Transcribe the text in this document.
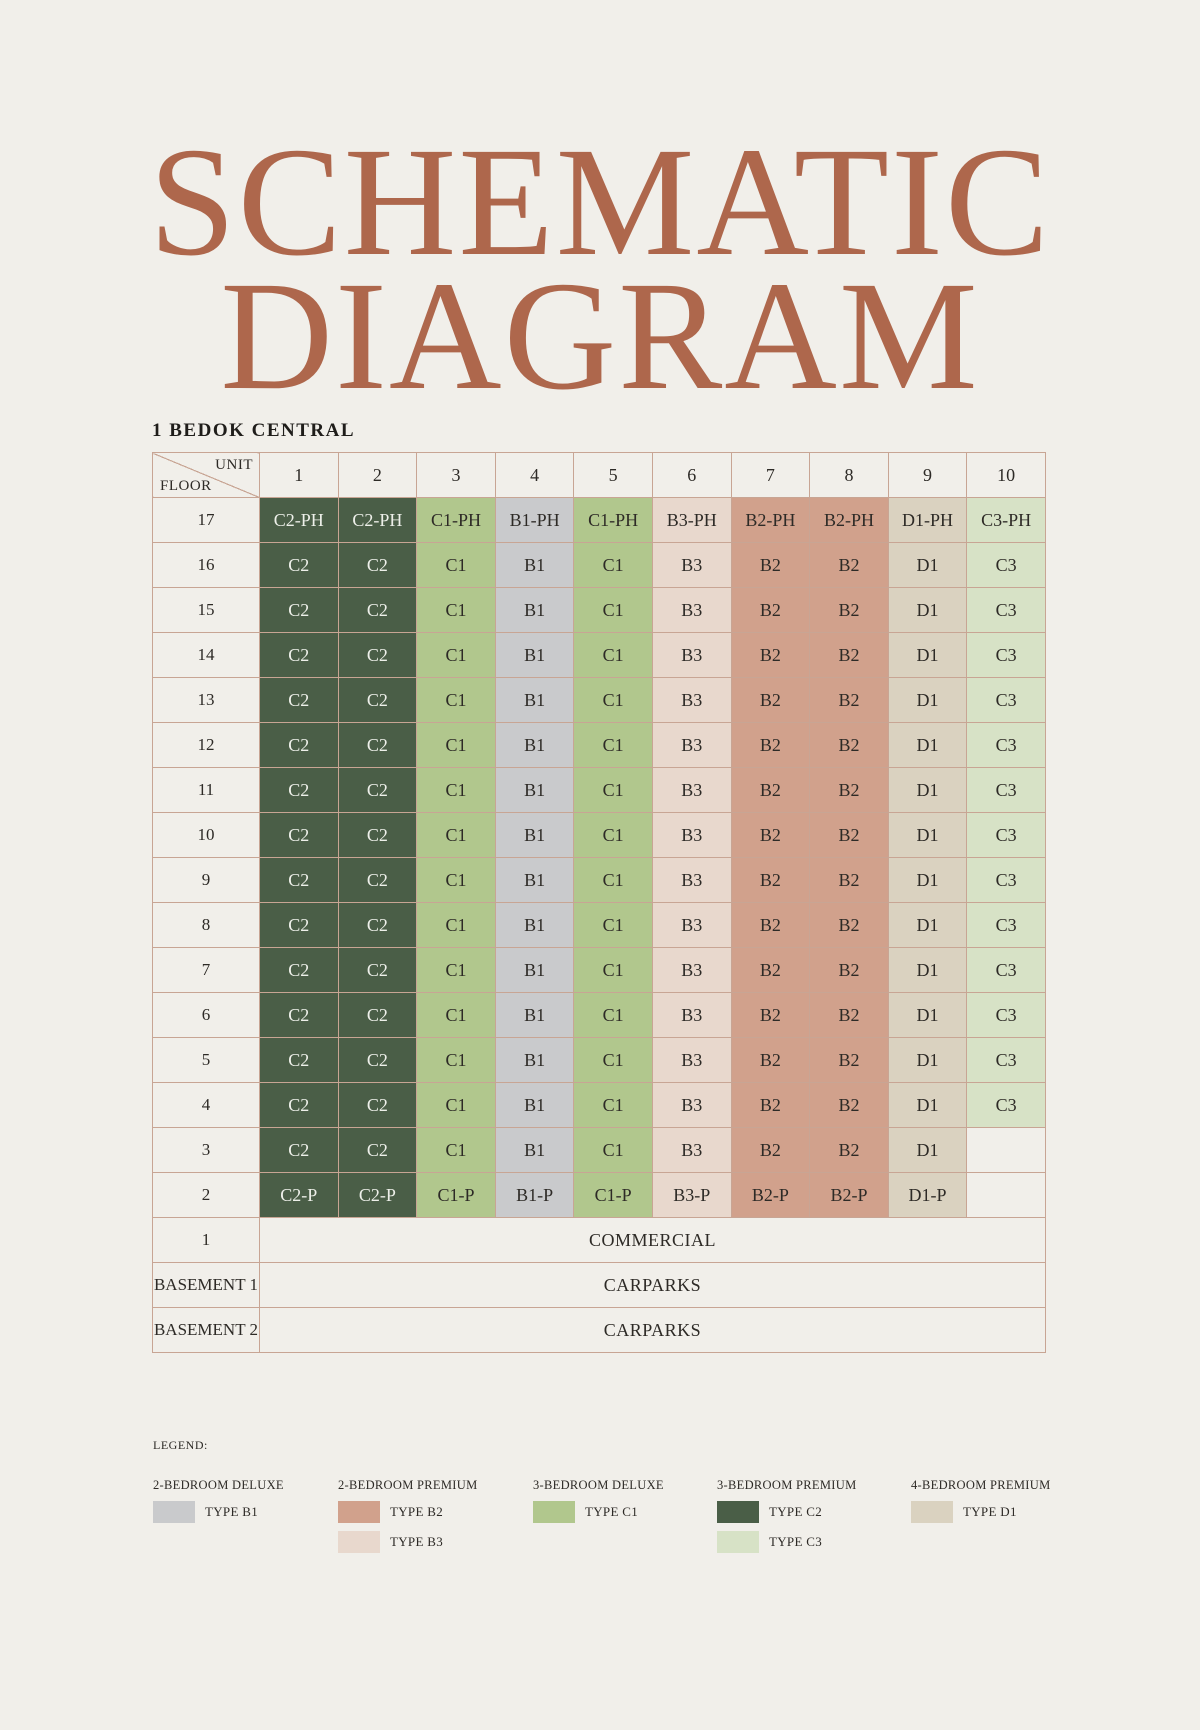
SCHEMATIC
DIAGRAM
1 BEDOK CENTRAL
UNIT
FLOOR	1	2	3	4	5	6	7	8	9	10
17	C2-PH	C2-PH	C1-PH	B1-PH	C1-PH	B3-PH	B2-PH	B2-PH	D1-PH	C3-PH
16	C2	C2	C1	B1	C1	B3	B2	B2	D1	C3
15	C2	C2	C1	B1	C1	B3	B2	B2	D1	C3
14	C2	C2	C1	B1	C1	B3	B2	B2	D1	C3
13	C2	C2	C1	B1	C1	B3	B2	B2	D1	C3
12	C2	C2	C1	B1	C1	B3	B2	B2	D1	C3
11	C2	C2	C1	B1	C1	B3	B2	B2	D1	C3
10	C2	C2	C1	B1	C1	B3	B2	B2	D1	C3
9	C2	C2	C1	B1	C1	B3	B2	B2	D1	C3
8	C2	C2	C1	B1	C1	B3	B2	B2	D1	C3
7	C2	C2	C1	B1	C1	B3	B2	B2	D1	C3
6	C2	C2	C1	B1	C1	B3	B2	B2	D1	C3
5	C2	C2	C1	B1	C1	B3	B2	B2	D1	C3
4	C2	C2	C1	B1	C1	B3	B2	B2	D1	C3
3	C2	C2	C1	B1	C1	B3	B2	B2	D1	
2	C2-P	C2-P	C1-P	B1-P	C1-P	B3-P	B2-P	B2-P	D1-P	
1	COMMERCIAL									
BASEMENT 1	CARPARKS									
BASEMENT 2	CARPARKS									
LEGEND:
2-BEDROOM DELUXE
TYPE B1
2-BEDROOM PREMIUM
TYPE B2
TYPE B3
3-BEDROOM DELUXE
TYPE C1
3-BEDROOM PREMIUM
TYPE C2
TYPE C3
4-BEDROOM PREMIUM
TYPE D1
